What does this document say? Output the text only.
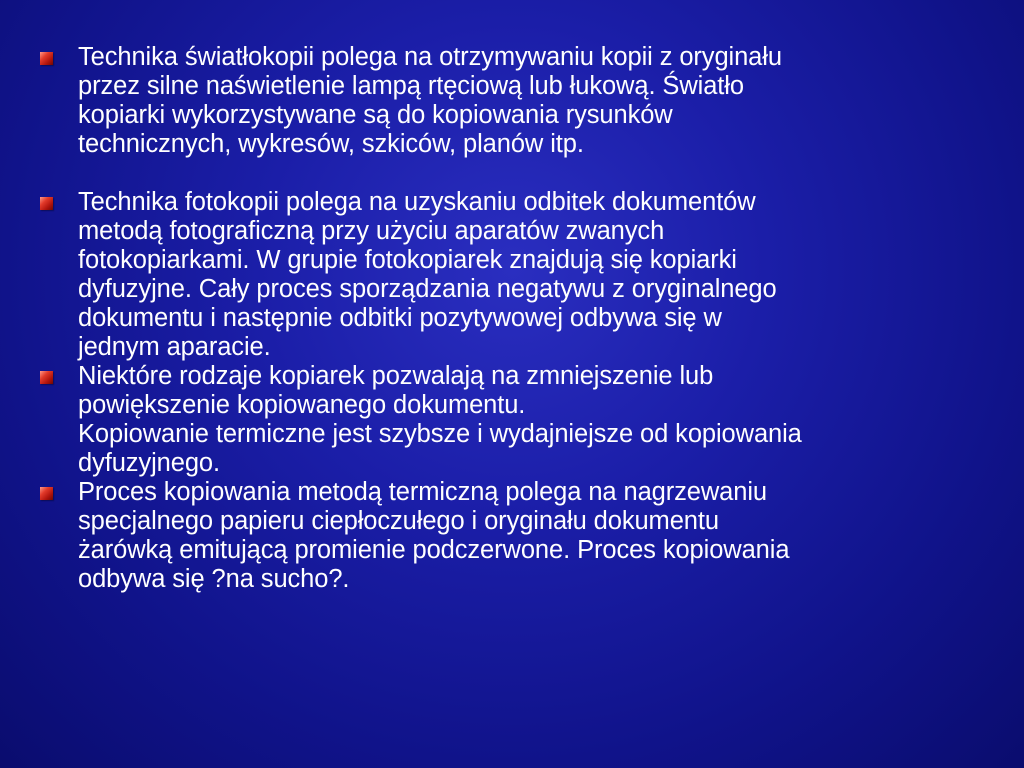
Technika światłokopii polega na otrzymywaniu kopii z oryginału
przez silne naświetlenie lampą rtęciową lub łukową. Światło
kopiarki wykorzystywane są do kopiowania rysunków
technicznych, wykresów, szkiców, planów itp.
Technika fotokopii polega na uzyskaniu odbitek dokumentów
metodą fotograficzną przy użyciu aparatów zwanych
fotokopiarkami. W grupie fotokopiarek znajdują się kopiarki
dyfuzyjne. Cały proces sporządzania negatywu z oryginalnego
dokumentu i następnie odbitki pozytywowej odbywa się w
jednym aparacie.
Niektóre rodzaje kopiarek pozwalają na zmniejszenie lub
powiększenie kopiowanego dokumentu.
Kopiowanie termiczne jest szybsze i wydajniejsze od kopiowania
dyfuzyjnego.
Proces kopiowania metodą termiczną polega na nagrzewaniu
specjalnego papieru ciepłoczułego i oryginału dokumentu
żarówką emitującą promienie podczerwone. Proces kopiowania
odbywa się ?na sucho?.
